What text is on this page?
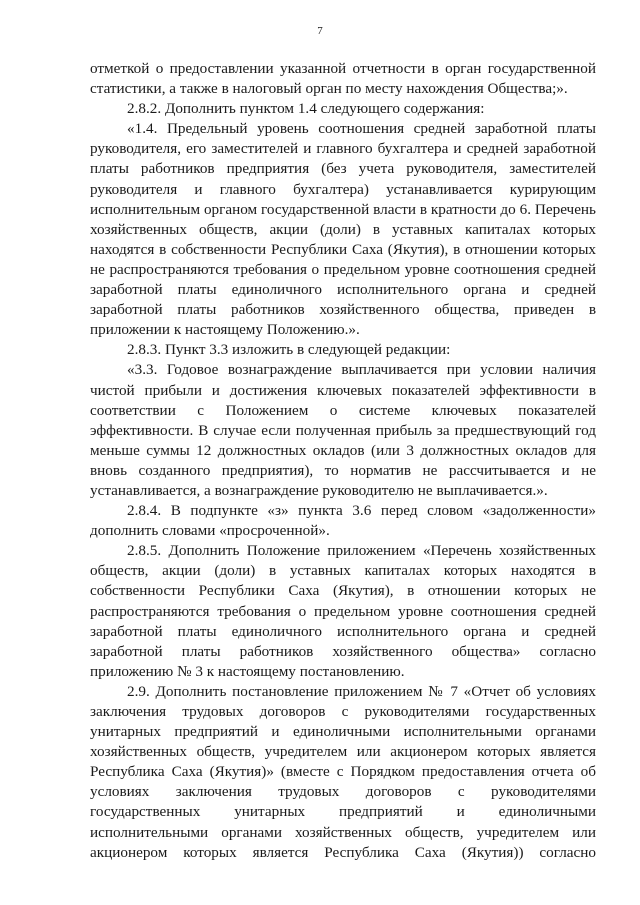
7

отметкой о предоставлении указанной отчетности в орган государственной статистики, а также в налоговый орган по месту нахождения Общества;».

2.8.2. Дополнить пунктом 1.4 следующего содержания:

«1.4. Предельный уровень соотношения средней заработной платы руководителя, его заместителей и главного бухгалтера и средней заработной платы работников предприятия (без учета руководителя, заместителей руководителя и главного бухгалтера) устанавливается курирующим исполнительным органом государственной власти в кратности до 6. Перечень хозяйственных обществ, акции (доли) в уставных капиталах которых находятся в собственности Республики Саха (Якутия), в отношении которых не распространяются требования о предельном уровне соотношения средней заработной платы единоличного исполнительного органа и средней заработной платы работников хозяйственного общества, приведен в приложении к настоящему Положению.».

2.8.3. Пункт 3.3 изложить в следующей редакции:

«3.3. Годовое вознаграждение выплачивается при условии наличия чистой прибыли и достижения ключевых показателей эффективности в соответствии с Положением о системе ключевых показателей эффективности. В случае если полученная прибыль за предшествующий год меньше суммы 12 должностных окладов (или 3 должностных окладов для вновь созданного предприятия), то норматив не рассчитывается и не устанавливается, а вознаграждение руководителю не выплачивается.».

2.8.4. В подпункте «з» пункта 3.6 перед словом «задолженности» дополнить словами «просроченной».

2.8.5. Дополнить Положение приложением «Перечень хозяйственных обществ, акции (доли) в уставных капиталах которых находятся в собственности Республики Саха (Якутия), в отношении которых не распространяются требования о предельном уровне соотношения средней заработной платы единоличного исполнительного органа и средней заработной платы работников хозяйственного общества» согласно приложению № 3 к настоящему постановлению.

2.9. Дополнить постановление приложением № 7 «Отчет об условиях заключения трудовых договоров с руководителями государственных унитарных предприятий и единоличными исполнительными органами хозяйственных обществ, учредителем или акционером которых является Республика Саха (Якутия)» (вместе с Порядком предоставления отчета об условиях заключения трудовых договоров с руководителями государственных унитарных предприятий и единоличными исполнительными органами хозяйственных обществ, учредителем или акционером которых является Республика Саха (Якутия)) согласно
